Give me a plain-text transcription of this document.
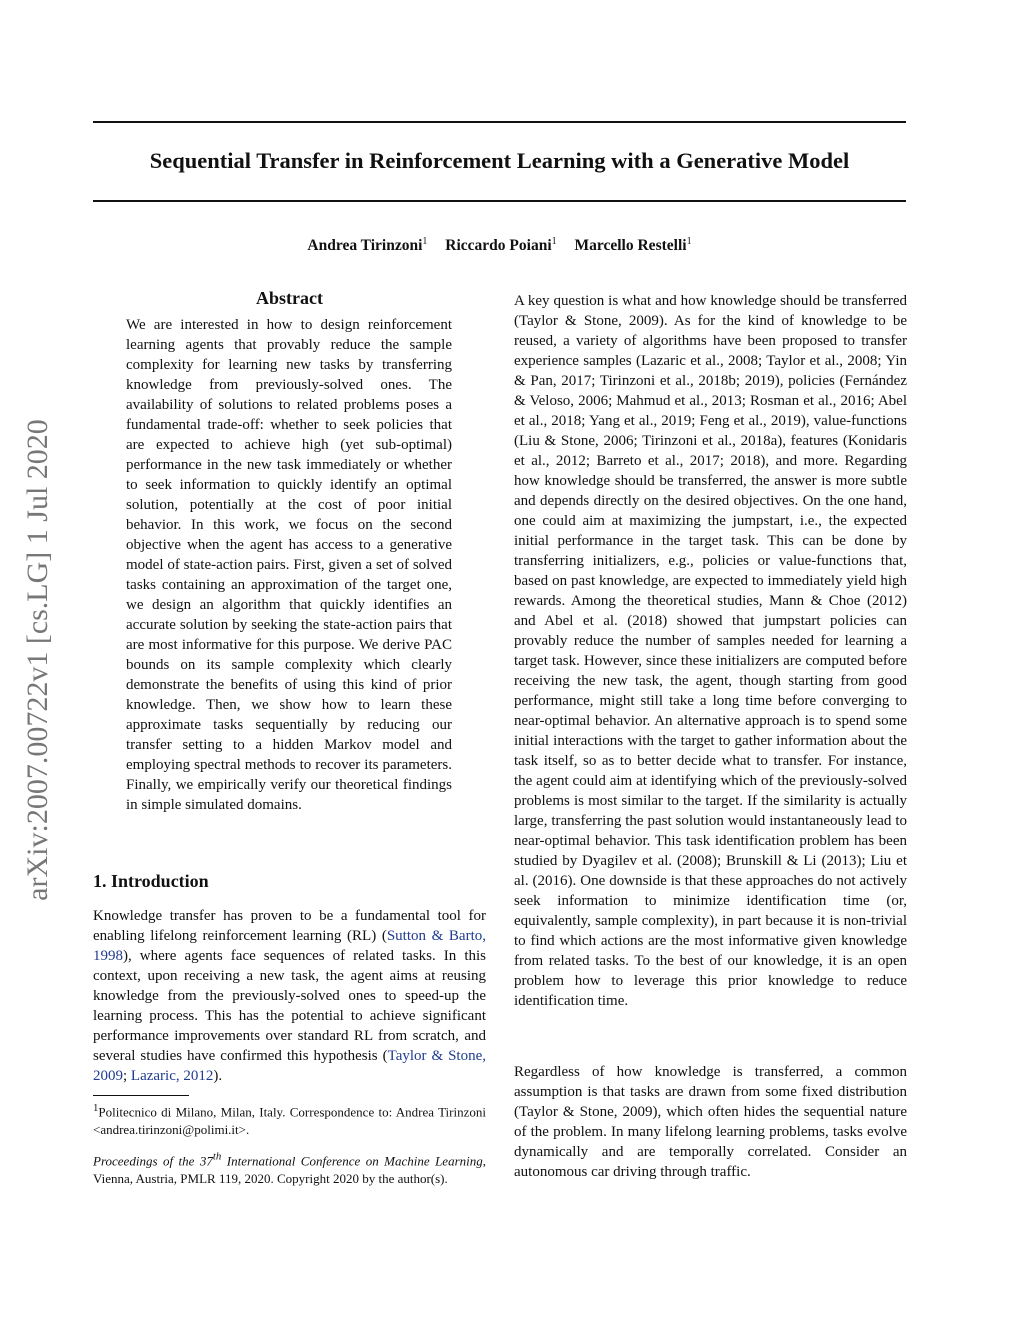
Sequential Transfer in Reinforcement Learning with a Generative Model
Andrea Tirinzoni$^1$ Riccardo Poiani$^1$ Marcello Restelli$^1$
arXiv:2007.00722v1 [cs.LG] 1 Jul 2020
Abstract
We are interested in how to design reinforcement learning agents that provably reduce the sample complexity for learning new tasks by transferring knowledge from previously-solved ones. The availability of solutions to related problems poses a fundamental trade-off: whether to seek policies that are expected to achieve high (yet sub-optimal) performance in the new task immediately or whether to seek information to quickly identify an optimal solution, potentially at the cost of poor initial behavior. In this work, we focus on the second objective when the agent has access to a generative model of state-action pairs. First, given a set of solved tasks containing an approximation of the target one, we design an algorithm that quickly identifies an accurate solution by seeking the state-action pairs that are most informative for this purpose. We derive PAC bounds on its sample complexity which clearly demonstrate the benefits of using this kind of prior knowledge. Then, we show how to learn these approximate tasks sequentially by reducing our transfer setting to a hidden Markov model and employing spectral methods to recover its parameters. Finally, we empirically verify our theoretical findings in simple simulated domains.
1. Introduction
Knowledge transfer has proven to be a fundamental tool for enabling lifelong reinforcement learning (RL) (Sutton & Barto, 1998), where agents face sequences of related tasks. In this context, upon receiving a new task, the agent aims at reusing knowledge from the previously-solved ones to speed-up the learning process. This has the potential to achieve significant performance improvements over standard RL from scratch, and several studies have confirmed this hypothesis (Taylor & Stone, 2009; Lazaric, 2012).
$^1$Politecnico di Milano, Milan, Italy. Correspondence to: Andrea Tirinzoni <andrea.tirinzoni@polimi.it>.
Proceedings of the 37th International Conference on Machine Learning, Vienna, Austria, PMLR 119, 2020. Copyright 2020 by the author(s).
A key question is what and how knowledge should be transferred (Taylor & Stone, 2009). As for the kind of knowledge to be reused, a variety of algorithms have been proposed to transfer experience samples (Lazaric et al., 2008; Taylor et al., 2008; Yin & Pan, 2017; Tirinzoni et al., 2018b; 2019), policies (Fernández & Veloso, 2006; Mahmud et al., 2013; Rosman et al., 2016; Abel et al., 2018; Yang et al., 2019; Feng et al., 2019), value-functions (Liu & Stone, 2006; Tirinzoni et al., 2018a), features (Konidaris et al., 2012; Barreto et al., 2017; 2018), and more. Regarding how knowledge should be transferred, the answer is more subtle and depends directly on the desired objectives. On the one hand, one could aim at maximizing the jumpstart, i.e., the expected initial performance in the target task. This can be done by transferring initializers, e.g., policies or value-functions that, based on past knowledge, are expected to immediately yield high rewards. Among the theoretical studies, Mann & Choe (2012) and Abel et al. (2018) showed that jumpstart policies can provably reduce the number of samples needed for learning a target task. However, since these initializers are computed before receiving the new task, the agent, though starting from good performance, might still take a long time before converging to near-optimal behavior. An alternative approach is to spend some initial interactions with the target to gather information about the task itself, so as to better decide what to transfer. For instance, the agent could aim at identifying which of the previously-solved problems is most similar to the target. If the similarity is actually large, transferring the past solution would instantaneously lead to near-optimal behavior. This task identification problem has been studied by Dyagilev et al. (2008); Brunskill & Li (2013); Liu et al. (2016). One downside is that these approaches do not actively seek information to minimize identification time (or, equivalently, sample complexity), in part because it is non-trivial to find which actions are the most informative given knowledge from related tasks. To the best of our knowledge, it is an open problem how to leverage this prior knowledge to reduce identification time.
Regardless of how knowledge is transferred, a common assumption is that tasks are drawn from some fixed distribution (Taylor & Stone, 2009), which often hides the sequential nature of the problem. In many lifelong learning problems, tasks evolve dynamically and are temporally correlated. Consider an autonomous car driving through traffic.
